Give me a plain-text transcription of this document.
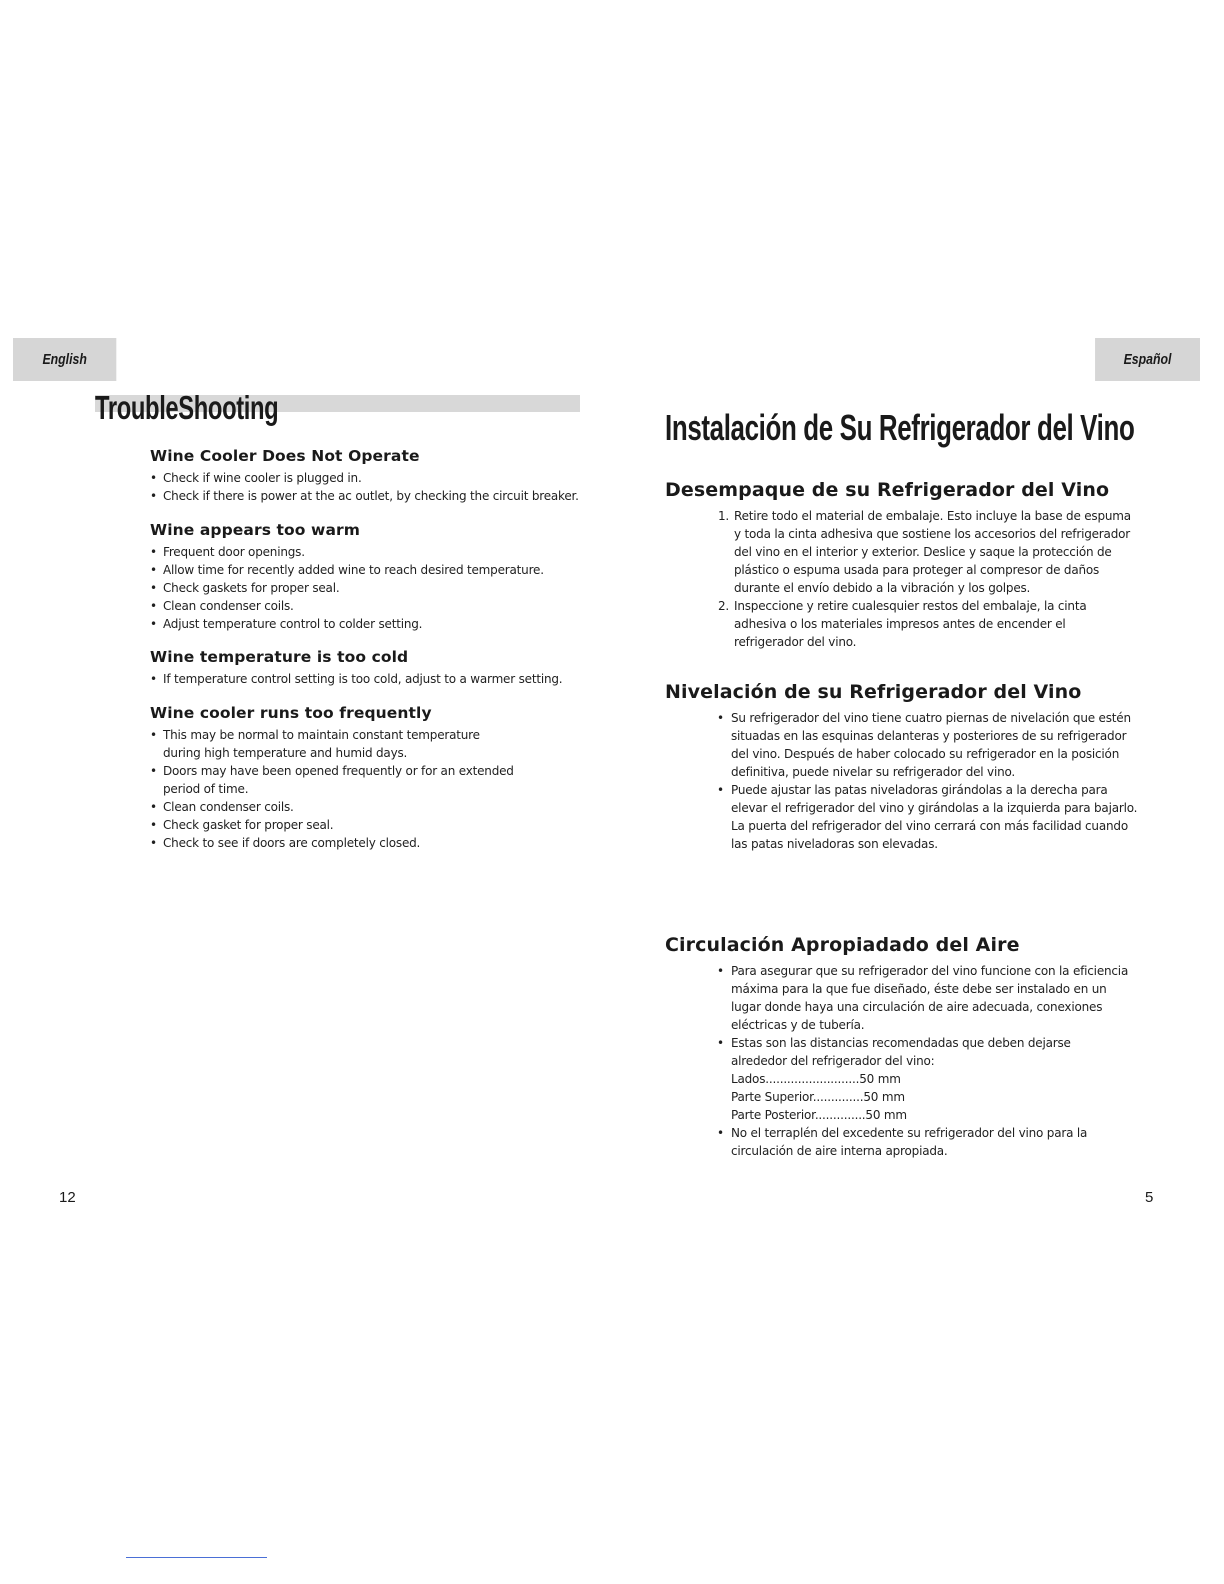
English
TroubleShooting
Wine Cooler Does Not Operate
• Check if wine cooler is plugged in.
• Check if there is power at the ac outlet, by checking the circuit breaker.
Wine appears too warm
• Frequent door openings.
• Allow time for recently added wine to reach desired temperature.
• Check gaskets for proper seal.
• Clean condenser coils.
• Adjust temperature control to colder setting.
Wine temperature is too cold
• If temperature control setting is too cold, adjust to a warmer setting.
Wine cooler runs too frequently
• This may be normal to maintain constant temperature during high temperature and humid days.
• Doors may have been opened frequently or for an extended period of time.
• Clean condenser coils.
• Check gasket for proper seal.
• Check to see if doors are completely closed.
12
Español
Instalación de Su Refrigerador del Vino
Desempaque de su Refrigerador del Vino
1. Retire todo el material de embalaje. Esto incluye la base de espuma y toda la cinta adhesiva que sostiene los accesorios del refrigerador del vino en el interior y exterior. Deslice y saque la protección de plástico o espuma usada para proteger al compresor de daños durante el envío debido a la vibración y los golpes.
2. Inspeccione y retire cualesquier restos del embalaje, la cinta adhesiva o los materiales impresos antes de encender el refrigerador del vino.
Nivelación de su Refrigerador del Vino
• Su refrigerador del vino tiene cuatro piernas de nivelación que estén situadas en las esquinas delanteras y posteriores de su refrigerador del vino. Después de haber colocado su refrigerador en la posición definitiva, puede nivelar su refrigerador del vino.
• Puede ajustar las patas niveladoras girándolas a la derecha para elevar el refrigerador del vino y girándolas a la izquierda para bajarlo. La puerta del refrigerador del vino cerrará con más facilidad cuando las patas niveladoras son elevadas.
Circulación Apropiadado del Aire
• Para asegurar que su refrigerador del vino funcione con la eficiencia máxima para la que fue diseñado, éste debe ser instalado en un lugar donde haya una circulación de aire adecuada, conexiones eléctricas y de tubería.
• Estas son las distancias recomendadas que deben dejarse alrededor del refrigerador del vino:
Lados..........................50 mm
Parte Superior..............50 mm
Parte Posterior..............50 mm
• No el terraplén del excedente su refrigerador del vino para la circulación de aire interna apropiada.
5
